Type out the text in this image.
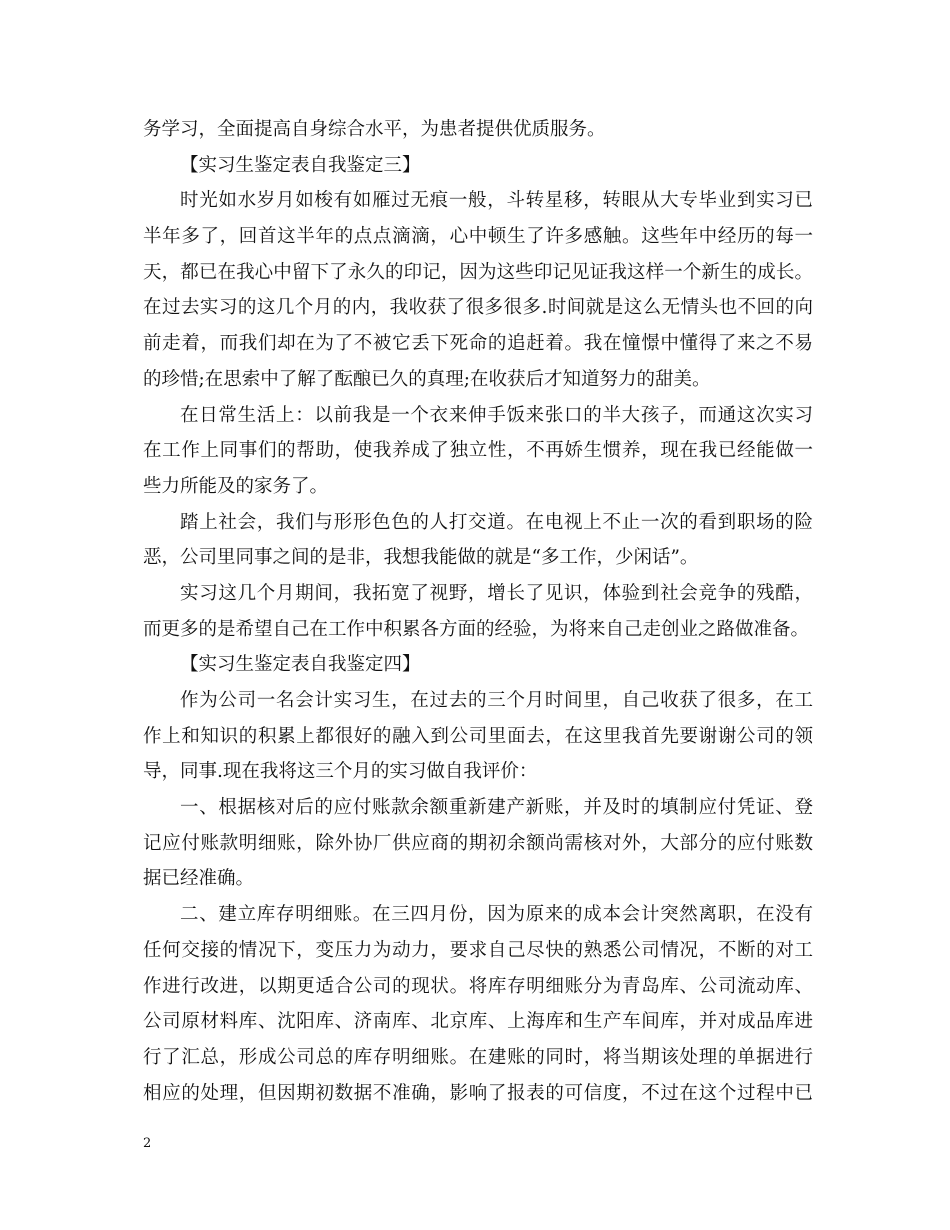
务学习，全面提高自身综合水平，为患者提供优质服务。
【实习生鉴定表自我鉴定三】
时光如水岁月如梭有如雁过无痕一般，斗转星移，转眼从大专毕业到实习已
半年多了，回首这半年的点点滴滴，心中顿生了许多感触。这些年中经历的每一
天，都已在我心中留下了永久的印记，因为这些印记见证我这样一个新生的成长。
在过去实习的这几个月的内，我收获了很多很多.时间就是这么无情头也不回的向
前走着，而我们却在为了不被它丢下死命的追赶着。我在憧憬中懂得了来之不易
的珍惜;在思索中了解了酝酿已久的真理;在收获后才知道努力的甜美。
在日常生活上：以前我是一个衣来伸手饭来张口的半大孩子，而通这次实习
在工作上同事们的帮助，使我养成了独立性，不再娇生惯养，现在我已经能做一
些力所能及的家务了。
踏上社会，我们与形形色色的人打交道。在电视上不止一次的看到职场的险
恶，公司里同事之间的是非，我想我能做的就是“多工作，少闲话”。
实习这几个月期间，我拓宽了视野，增长了见识，体验到社会竞争的残酷，
而更多的是希望自己在工作中积累各方面的经验，为将来自己走创业之路做准备。
【实习生鉴定表自我鉴定四】
作为公司一名会计实习生，在过去的三个月时间里，自己收获了很多，在工
作上和知识的积累上都很好的融入到公司里面去，在这里我首先要谢谢公司的领
导，同事.现在我将这三个月的实习做自我评价：
一、根据核对后的应付账款余额重新建产新账，并及时的填制应付凭证、登
记应付账款明细账，除外协厂供应商的期初余额尚需核对外，大部分的应付账数
据已经准确。
二、建立库存明细账。在三四月份，因为原来的成本会计突然离职，在没有
任何交接的情况下，变压力为动力，要求自己尽快的熟悉公司情况，不断的对工
作进行改进，以期更适合公司的现状。将库存明细账分为青岛库、公司流动库、
公司原材料库、沈阳库、济南库、北京库、上海库和生产车间库，并对成品库进
行了汇总，形成公司总的库存明细账。在建账的同时，将当期该处理的单据进行
相应的处理，但因期初数据不准确，影响了报表的可信度，不过在这个过程中已
2
